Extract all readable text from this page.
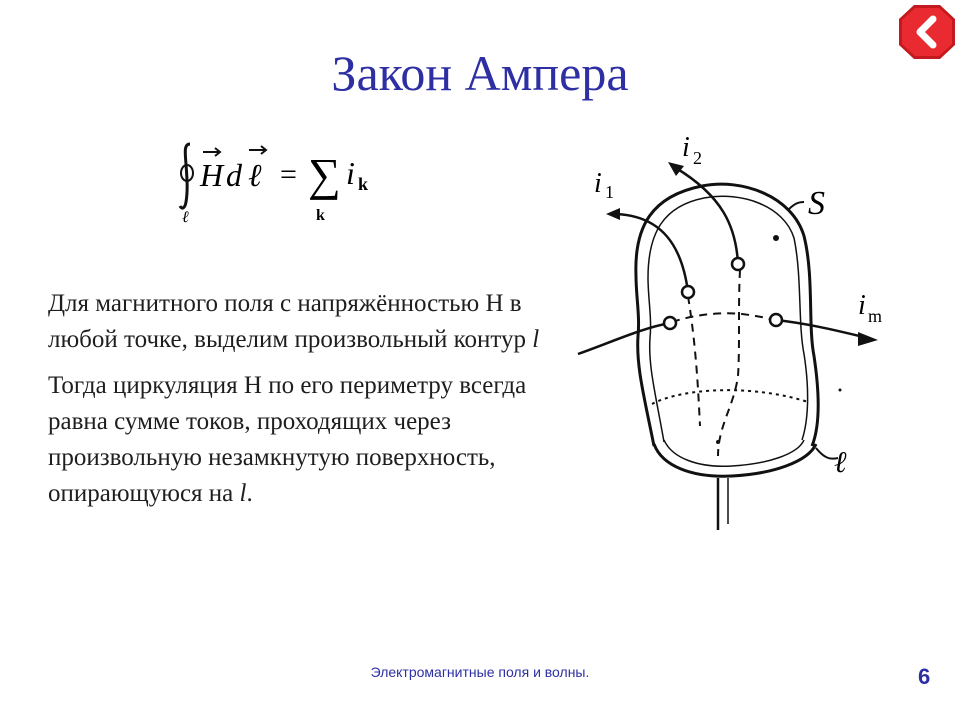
Закон Ампера
ℓ
H d ℓ = ∑
k
i k

Для магнитного поля с напряжённостью Н в любой точке, выделим произвольный контур l

Тогда циркуляция Н по его периметру всегда равна сумме токов, проходящих через произвольную незамкнутую поверхность, опирающуюся на l.

i 1
i 2
S
i m
ℓ
Электромагнитные поля и волны.	6
